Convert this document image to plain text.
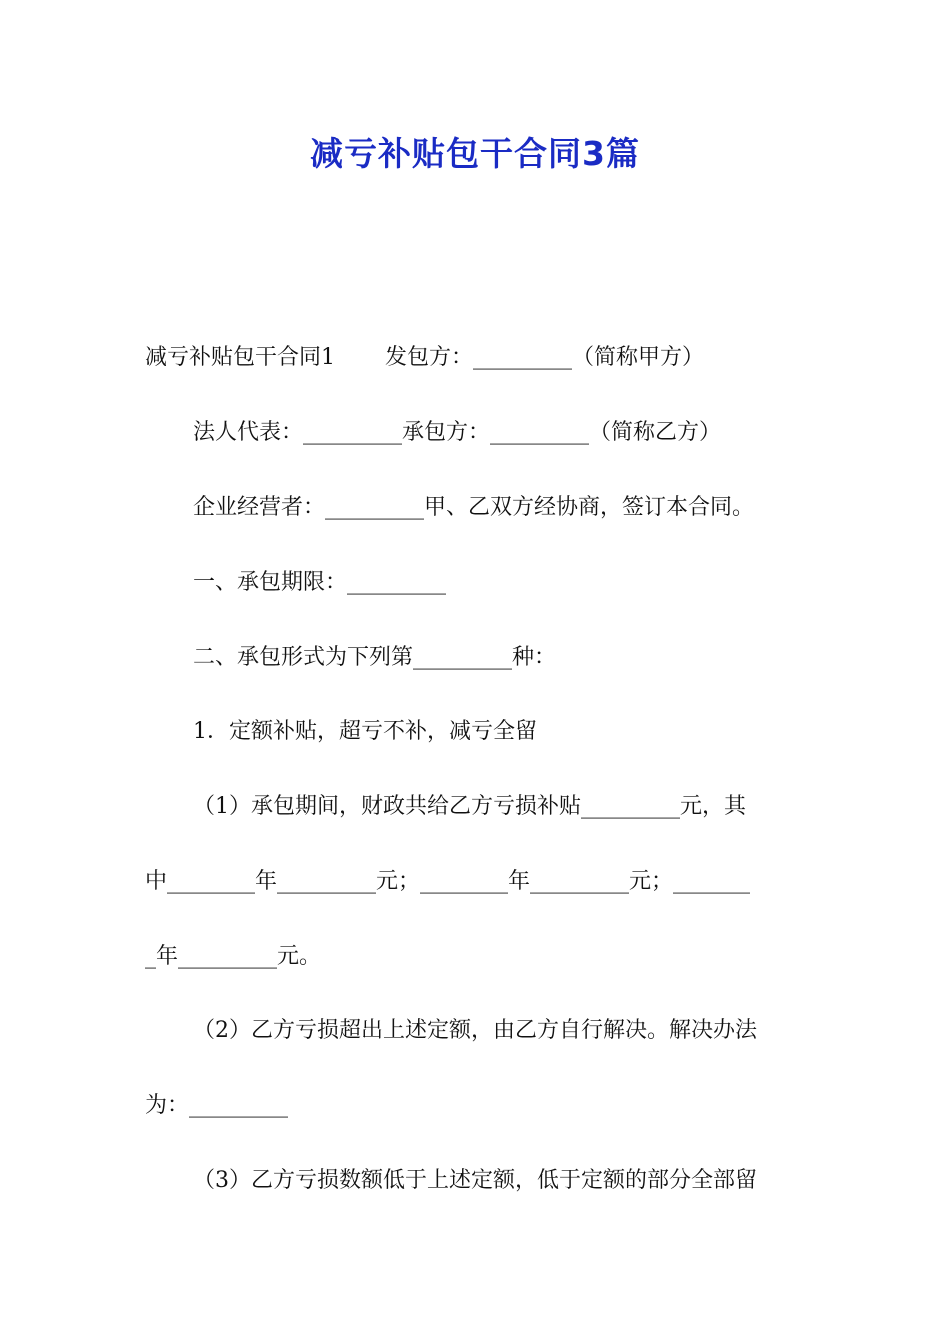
减亏补贴包干合同3篇
减亏补贴包干合同1 发包方：_________（简称甲方）
法人代表：_________承包方：_________（简称乙方）
企业经营者：_________甲、乙双方经协商，签订本合同。
一、承包期限：_________
二、承包形式为下列第_________种：
1．定额补贴，超亏不补，减亏全留
（1）承包期间，财政共给乙方亏损补贴_________元，其
中________年_________元；________年_________元；_______
_年_________元。
（2）乙方亏损超出上述定额，由乙方自行解决。解决办法
为：_________
（3）乙方亏损数额低于上述定额，低于定额的部分全部留
